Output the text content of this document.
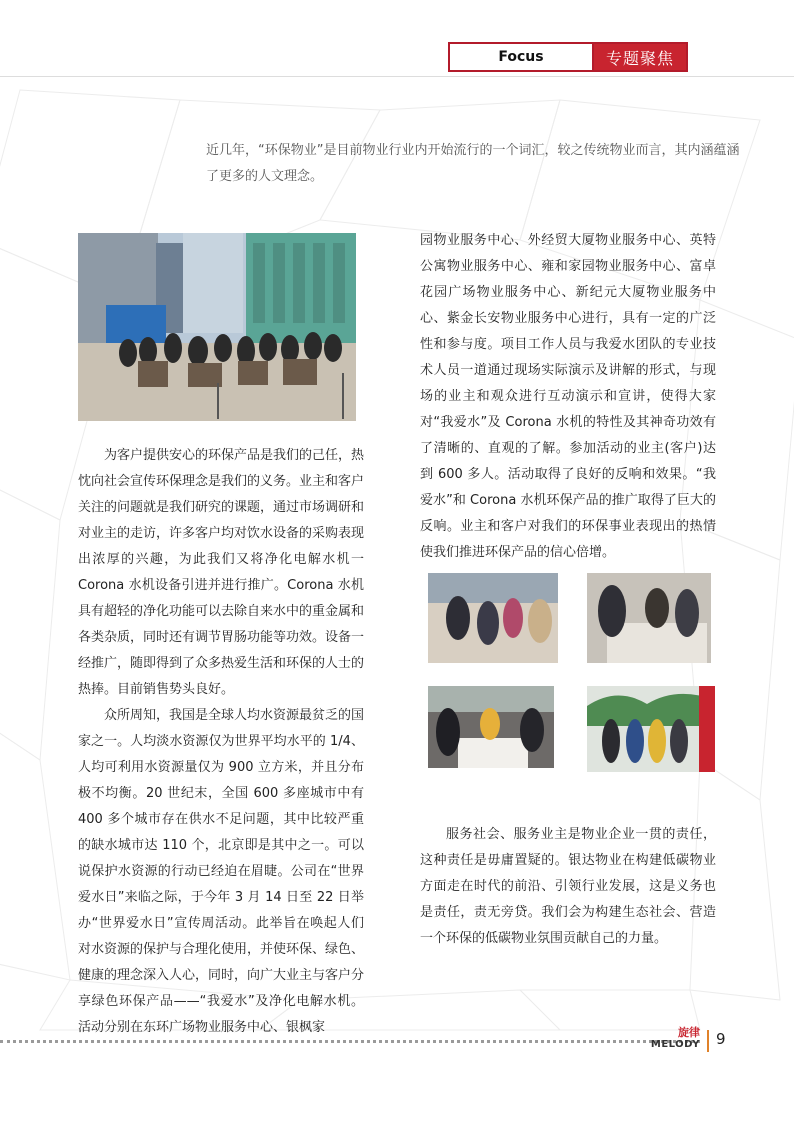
Focus	专题聚焦
近几年，“环保物业”是目前物业行业内开始流行的一个词汇，较之传统物业而言，其内涵蕴涵了更多的人文理念。

为客户提供安心的环保产品是我们的己任，热忱向社会宣传环保理念是我们的义务。业主和客户关注的问题就是我们研究的课题，通过市场调研和对业主的走访，许多客户均对饮水设备的采购表现出浓厚的兴趣，为此我们又将净化电解水机一 Corona 水机设备引进并进行推广。Corona 水机具有超轻的净化功能可以去除自来水中的重金属和各类杂质，同时还有调节胃肠功能等功效。设备一经推广，随即得到了众多热爱生活和环保的人士的热捧。目前销售势头良好。

众所周知，我国是全球人均水资源最贫乏的国家之一。人均淡水资源仅为世界平均水平的 1/4、人均可利用水资源量仅为 900 立方米，并且分布极不均衡。20 世纪末，全国 600 多座城市中有 400 多个城市存在供水不足问题，其中比较严重的缺水城市达 110 个，北京即是其中之一。可以说保护水资源的行动已经迫在眉睫。公司在“世界爱水日”来临之际，于今年 3 月 14 日至 22 日举办“世界爱水日”宣传周活动。此举旨在唤起人们对水资源的保护与合理化使用，并使环保、绿色、健康的理念深入人心，同时，向广大业主与客户分享绿色环保产品——“我爱水”及净化电解水机。活动分别在东环广场物业服务中心、银枫家

园物业服务中心、外经贸大厦物业服务中心、英特公寓物业服务中心、雍和家园物业服务中心、富卓花园广场物业服务中心、新纪元大厦物业服务中心、紫金长安物业服务中心进行，具有一定的广泛性和参与度。项目工作人员与我爱水团队的专业技术人员一道通过现场实际演示及讲解的形式，与现场的业主和观众进行互动演示和宣讲，使得大家对“我爱水”及 Corona 水机的特性及其神奇功效有了清晰的、直观的了解。参加活动的业主(客户)达到 600 多人。活动取得了良好的反响和效果。“我爱水”和 Corona 水机环保产品的推广取得了巨大的反响。业主和客户对我们的环保事业表现出的热情使我们推进环保产品的信心倍增。

服务社会、服务业主是物业企业一贯的责任，这种责任是毋庸置疑的。银达物业在构建低碳物业方面走在时代的前沿、引领行业发展，这是义务也是责任，责无旁贷。我们会为构建生态社会、营造一个环保的低碳物业氛围贡献自己的力量。

旋律
MELODY 9
